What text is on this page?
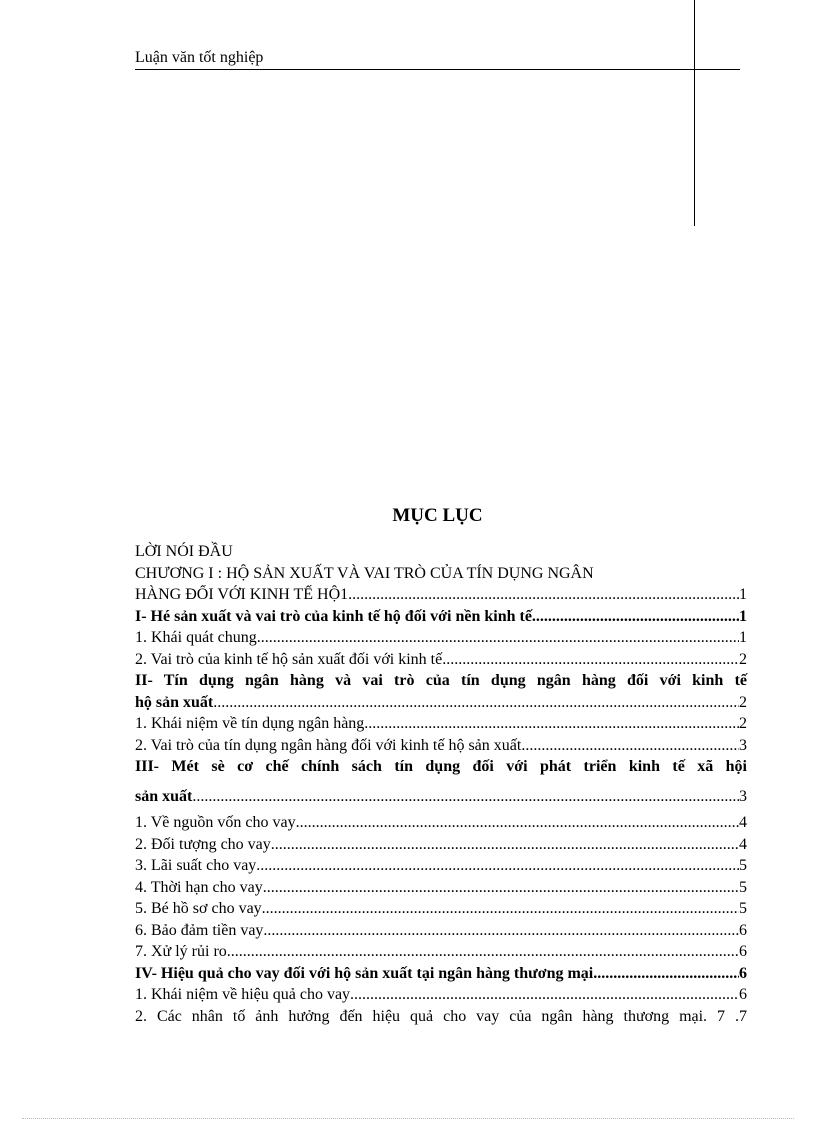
Luận văn tốt nghiệp
MỤC LỤC
LỜI NÓI ĐẦU
CHƯƠNG I : HỘ SẢN XUẤT VÀ VAI TRÒ CỦA TÍN DỤNG NGÂN
HÀNG ĐỐI VỚI KINH TẾ HỘ1 .....	1
I- Hé sản xuất và vai trò của kinh tế hộ đối với nền kinh tế .....	1
1. Khái quát chung .....	1
2. Vai trò của kinh tế hộ sản xuất đối với kinh tế .....	2
II- Tín dụng ngân hàng và vai trò của tín dụng ngân hàng đối với kinh tế
hộ sản xuất .....	2
1. Khái niệm về tín dụng ngân hàng .....	2
2. Vai trò của tín dụng ngân hàng đối với kinh tế hộ sản xuất .....	3
III- Mét sè cơ chế chính sách tín dụng đối với phát triển kinh tế xã hội
sản xuất .....	3
1. Về nguồn vốn cho vay .....	4
2. Đối tượng cho vay .....	4
3. Lãi suất cho vay .....	5
4. Thời hạn cho vay .....	5
5. Bé hồ sơ cho vay .....	5
6. Bảo đảm tiền vay .....	6
7. Xử lý rủi ro .....	6
IV- Hiệu quả cho vay đối với hộ sản xuất tại ngân hàng thương mại. .....	6
1. Khái niệm về hiệu quả cho vay .....	6
2. Các nhân tố ảnh hưởng đến hiệu quả cho vay của ngân hàng thương mại. 7 .7
